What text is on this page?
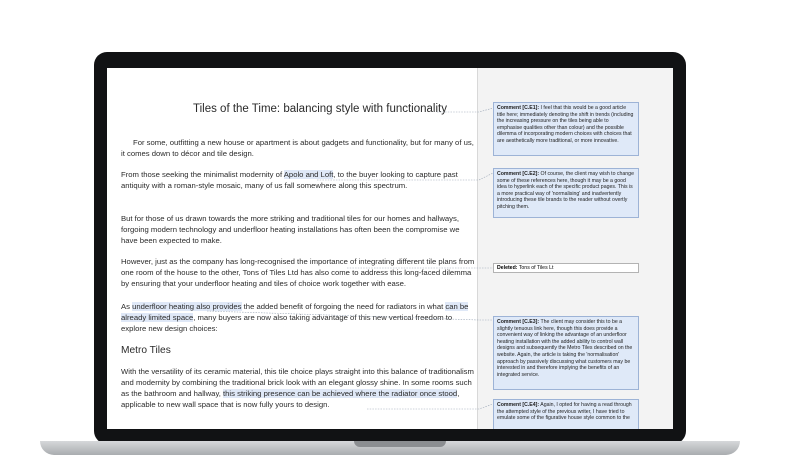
Tiles of the Time: balancing style with functionality

For some, outfitting a new house or apartment is about gadgets and functionality, but for many of us, it comes down to décor and tile design.

From those seeking the minimalist modernity of Apolo and Loft, to the buyer looking to capture past antiquity with a roman-style mosaic, many of us fall somewhere along this spectrum.

But for those of us drawn towards the more striking and traditional tiles for our homes and hallways, forgoing modern technology and underfloor heating installations has often been the compromise we have been expected to make.

However, just as the company has long-recognised the importance of integrating different tile plans from one room of the house to the other, Tons of Tiles Ltd has also come to address this long-faced dilemma by ensuring that your underfloor heating and tiles of choice work together with ease.

As underfloor heating also provides the added benefit of forgoing the need for radiators in what can be already limited space, many buyers are now also taking advantage of this new vertical freedom to explore new design choices:

Metro Tiles

With the versatility of its ceramic material, this tile choice plays straight into this balance of traditionalism and modernity by combining the traditional brick look with an elegant glossy shine. In some rooms such as the bathroom and hallway, this striking presence can be achieved where the radiator once stood, applicable to new wall space that is now fully yours to design.

Comment [C.E1]: I feel that this would be a good article title here; immediately denoting the shift in trends (including the increasing pressure on the tiles being able to emphasise qualities other than colour) and the possible dilemma of incorporating modern choices with choices that are aesthetically more traditional, or more innovative.
Comment [C.E2]: Of course, the client may wish to change some of these references here, though it may be a good idea to hyperlink each of the specific product pages. This is a more practical way of 'normalising' and inadvertently introducing these tile brands to the reader without overtly pitching them.
Deleted: Tons of Tiles Lt
Comment [C.E3]: The client may consider this to be a slightly tenuous link here, though this does provide a convenient way of linking the advantage of an underfloor heating installation with the added ability to control wall designs and subsequently the Metro Tiles described on the website. Again, the article is taking the 'normalisation' approach by passively discussing what customers may be interested in and therefore implying the benefits of an integrated service.
Comment [C.E4]: Again, I opted for having a read through the attempted style of the previous writer, I have tried to emulate some of the figurative house style common to the
